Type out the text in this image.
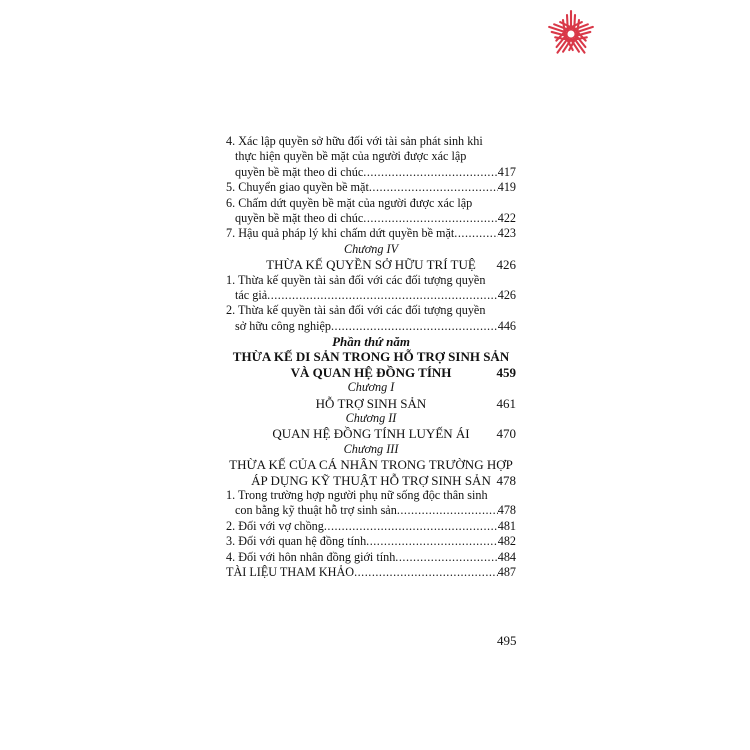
4. Xác lập quyền sở hữu đối với tài sản phát sinh khi
thực hiện quyền bề mặt của người được xác lập
quyền bề mặt theo di chúc .....	417
5. Chuyển giao quyền bề mặt .....	419
6. Chấm dứt quyền bề mặt của người được xác lập
quyền bề mặt theo di chúc .....	422
7. Hậu quả pháp lý khi chấm dứt quyền bề mặt .....	423
Chương IV
THỪA KẾ QUYỀN SỞ HỮU TRÍ TUỆ 426
1. Thừa kế quyền tài sản đối với các đối tượng quyền
tác giả .....	426
2. Thừa kế quyền tài sản đối với các đối tượng quyền
sở hữu công nghiệp .....	446
Phần thứ năm
THỪA KẾ DI SẢN TRONG HỖ TRỢ SINH SẢN
VÀ QUAN HỆ ĐỒNG TÍNH	459
Chương I
HỖ TRỢ SINH SẢN	461
Chương II
QUAN HỆ ĐỒNG TÍNH LUYẾN ÁI 470
Chương III
THỪA KẾ CỦA CÁ NHÂN TRONG TRƯỜNG HỢP
ÁP DỤNG KỸ THUẬT HỖ TRỢ SINH SẢN 478
1. Trong trường hợp người phụ nữ sống độc thân sinh
con bằng kỹ thuật hỗ trợ sinh sản .....	478
2. Đối với vợ chồng .....	481
3. Đối với quan hệ đồng tính .....	482
4. Đối với hôn nhân đồng giới tính .....	484
TÀI LIỆU THAM KHẢO .....	487
495
